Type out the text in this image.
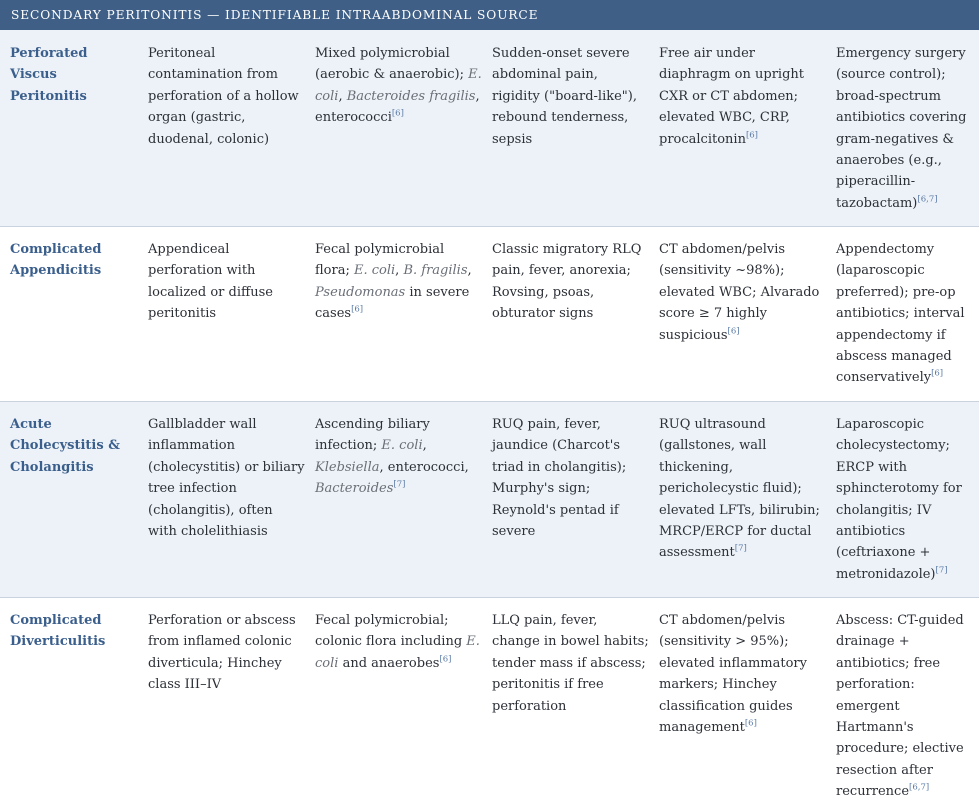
SECONDARY PERITONITIS — IDENTIFIABLE INTRAABDOMINAL SOURCE
Perforated Viscus Peritonitis
Peritoneal contamination from perforation of a hollow organ (gastric, duodenal, colonic)
Mixed polymicrobial (aerobic & anaerobic); E. coli, Bacteroides fragilis, enterococci[6]
Sudden-onset severe abdominal pain, rigidity ("board-like"), rebound tenderness, sepsis
Free air under diaphragm on upright CXR or CT abdomen; elevated WBC, CRP, procalcitonin[6]
Emergency surgery (source control); broad-spectrum antibiotics covering gram-negatives & anaerobes (e.g., piperacillin-tazobactam)[6,7]
Complicated Appendicitis
Appendiceal perforation with localized or diffuse peritonitis
Fecal polymicrobial flora; E. coli, B. fragilis, Pseudomonas in severe cases[6]
Classic migratory RLQ pain, fever, anorexia; Rovsing, psoas, obturator signs
CT abdomen/pelvis (sensitivity ~98%); elevated WBC; Alvarado score ≥ 7 highly suspicious[6]
Appendectomy (laparoscopic preferred); pre-op antibiotics; interval appendectomy if abscess managed conservatively[6]
Acute Cholecystitis & Cholangitis
Gallbladder wall inflammation (cholecystitis) or biliary tree infection (cholangitis), often with cholelithiasis
Ascending biliary infection; E. coli, Klebsiella, enterococci, Bacteroides[7]
RUQ pain, fever, jaundice (Charcot's triad in cholangitis); Murphy's sign; Reynold's pentad if severe
RUQ ultrasound (gallstones, wall thickening, pericholecystic fluid); elevated LFTs, bilirubin; MRCP/ERCP for ductal assessment[7]
Laparoscopic cholecystectomy; ERCP with sphincterotomy for cholangitis; IV antibiotics (ceftriaxone + metronidazole)[7]
Complicated Diverticulitis
Perforation or abscess from inflamed colonic diverticula; Hinchey class III–IV
Fecal polymicrobial; colonic flora including E. coli and anaerobes[6]
LLQ pain, fever, change in bowel habits; tender mass if abscess; peritonitis if free perforation
CT abdomen/pelvis (sensitivity > 95%); elevated inflammatory markers; Hinchey classification guides management[6]
Abscess: CT-guided drainage + antibiotics; free perforation: emergent Hartmann's procedure; elective resection after recurrence[6,7]
